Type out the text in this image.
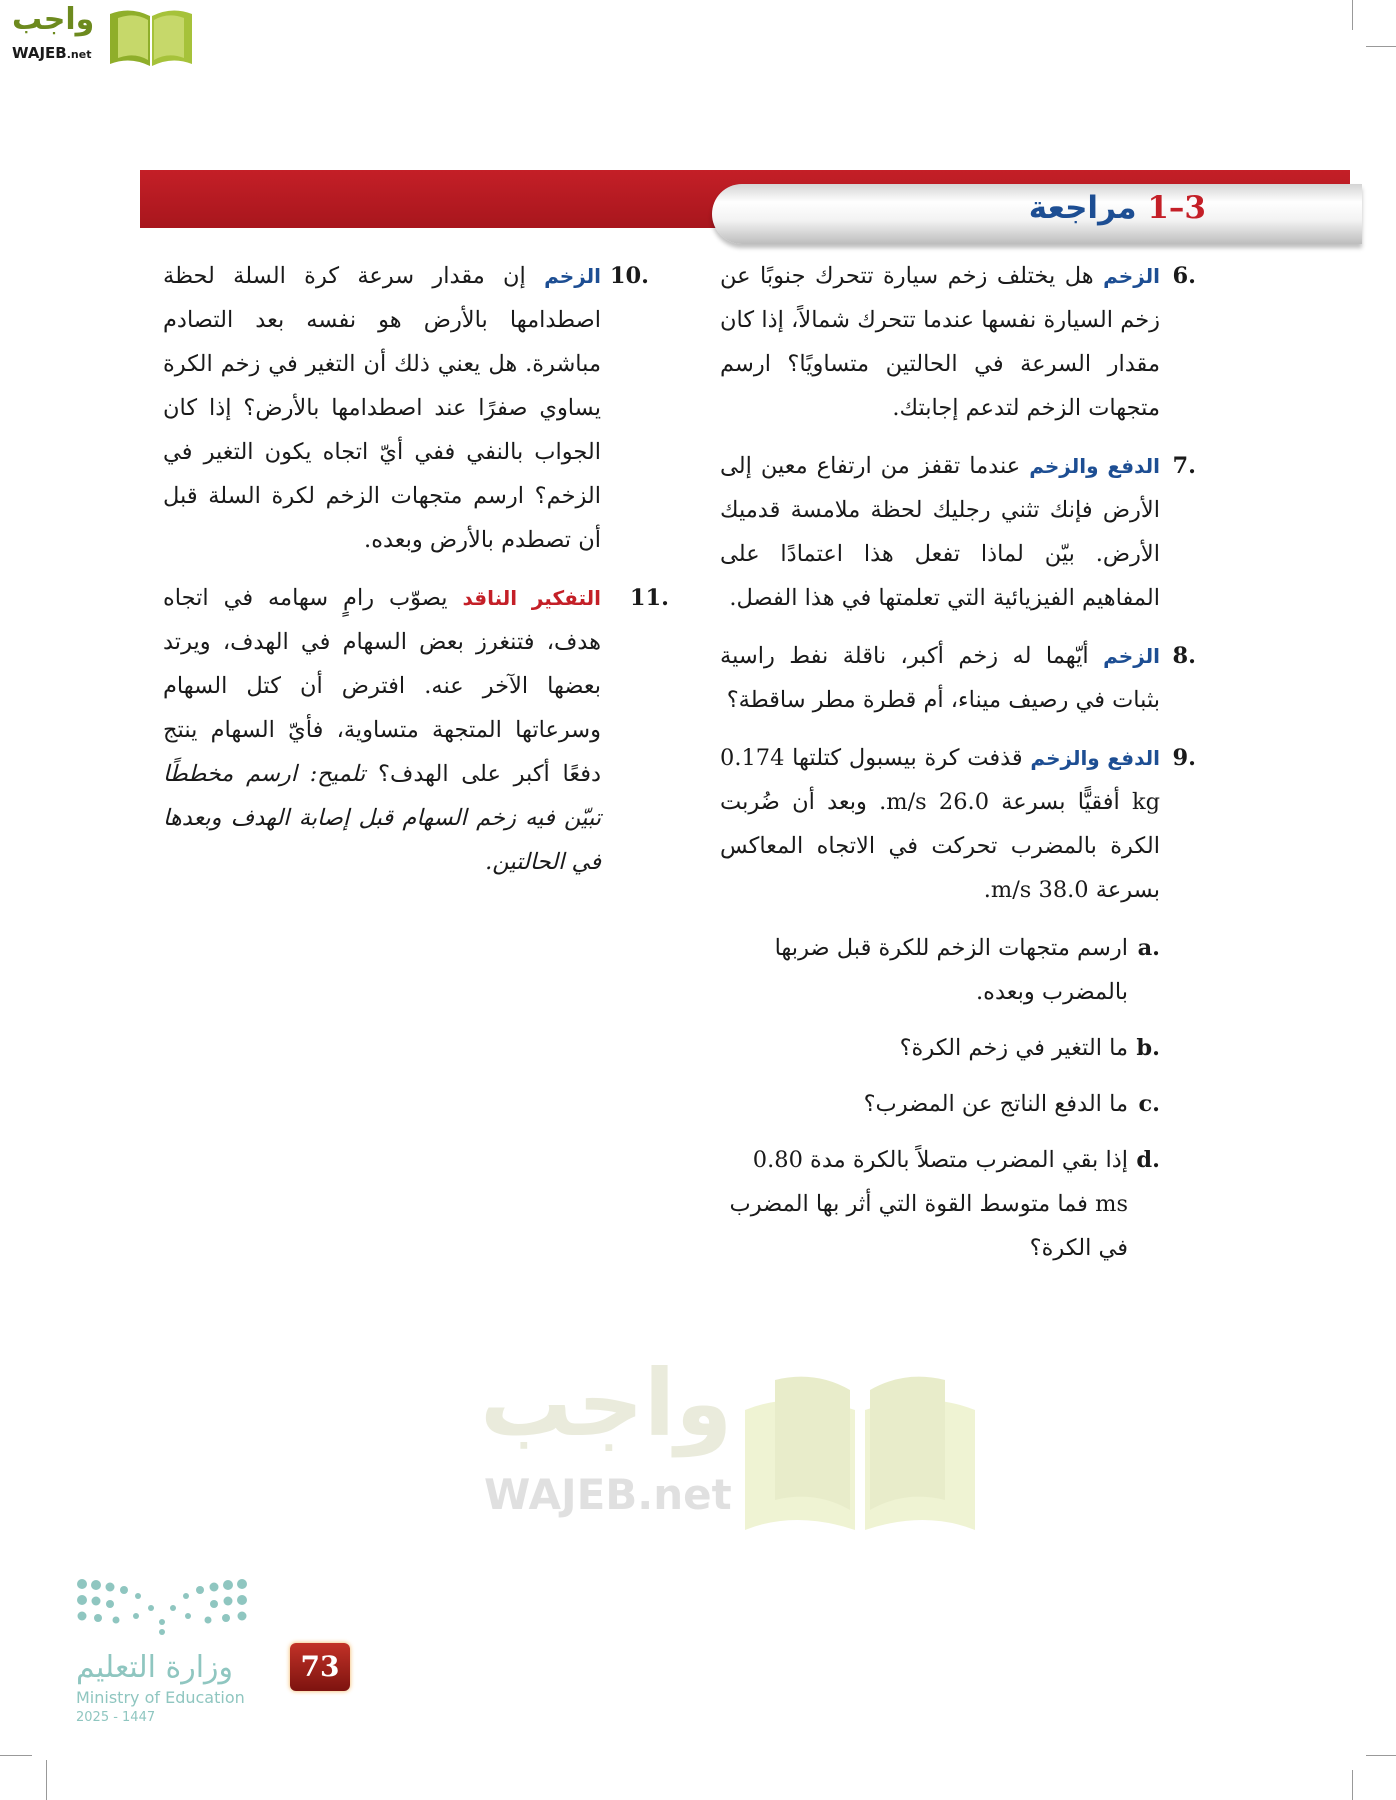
واجب
WAJEB.net
3–1 مراجعة
6.
الزخم هل يختلف زخم سيارة تتحرك جنوبًا عن زخم السيارة نفسها عندما تتحرك شمالاً، إذا كان مقدار السرعة في الحالتين متساويًا؟ ارسم متجهات الزخم لتدعم إجابتك.
7.
الدفع والزخم عندما تقفز من ارتفاع معين إلى الأرض فإنك تثني رجليك لحظة ملامسة قدميك الأرض. بيّن لماذا تفعل هذا اعتمادًا على المفاهيم الفيزيائية التي تعلمتها في هذا الفصل.
8.
الزخم أيّهما له زخم أكبر، ناقلة نفط راسية بثبات في رصيف ميناء، أم قطرة مطر ساقطة؟
9.
الدفع والزخم قذفت كرة بيسبول كتلتها 0.174 kg أفقيًّا بسرعة 26.0 m/s. وبعد أن ضُربت الكرة بالمضرب تحركت في الاتجاه المعاكس بسرعة 38.0 m/s.
a.
ارسم متجهات الزخم للكرة قبل ضربها بالمضرب وبعده.
b.
ما التغير في زخم الكرة؟
c.
ما الدفع الناتج عن المضرب؟
d.
إذا بقي المضرب متصلاً بالكرة مدة 0.80 ms فما متوسط القوة التي أثر بها المضرب في الكرة؟
10.
الزخم إن مقدار سرعة كرة السلة لحظة اصطدامها بالأرض هو نفسه بعد التصادم مباشرة. هل يعني ذلك أن التغير في زخم الكرة يساوي صفرًا عند اصطدامها بالأرض؟ إذا كان الجواب بالنفي ففي أيّ اتجاه يكون التغير في الزخم؟ ارسم متجهات الزخم لكرة السلة قبل أن تصطدم بالأرض وبعده.
11.
التفكير الناقد يصوّب رامٍ سهامه في اتجاه هدف، فتنغرز بعض السهام في الهدف، ويرتد بعضها الآخر عنه. افترض أن كتل السهام وسرعاتها المتجهة متساوية، فأيّ السهام ينتج دفعًا أكبر على الهدف؟ تلميح: ارسم مخططًا تبيّن فيه زخم السهام قبل إصابة الهدف وبعدها في الحالتين.
واجب
WAJEB.net
وزارة التعليم
Ministry of Education
2025 - 1447
73
